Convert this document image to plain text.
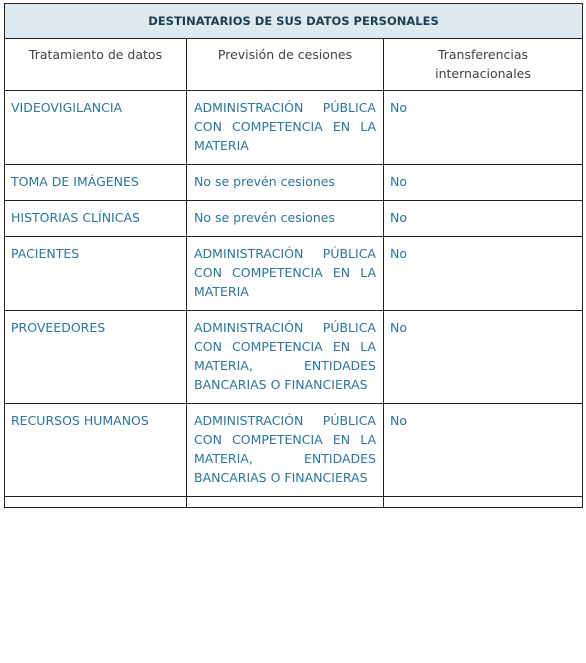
DESTINATARIOS DE SUS DATOS PERSONALES		
Tratamiento de datos	Previsión de cesiones	Transferencias internacionales
VIDEOVIGILANCIA	ADMINISTRACIÓN PÚBLICA CON COMPETENCIA EN LA MATERIA	No
TOMA DE IMÁGENES	No se prevén cesiones	No
HISTORIAS CLÍNICAS	No se prevén cesiones	No
PACIENTES	ADMINISTRACIÓN PÚBLICA CON COMPETENCIA EN LA MATERIA	No
PROVEEDORES	ADMINISTRACIÓN PÚBLICA CON COMPETENCIA EN LA MATERIA, ENTIDADES BANCARIAS O FINANCIERAS	No
RECURSOS HUMANOS	ADMINISTRACIÓN PÚBLICA CON COMPETENCIA EN LA MATERIA, ENTIDADES BANCARIAS O FINANCIERAS	No
